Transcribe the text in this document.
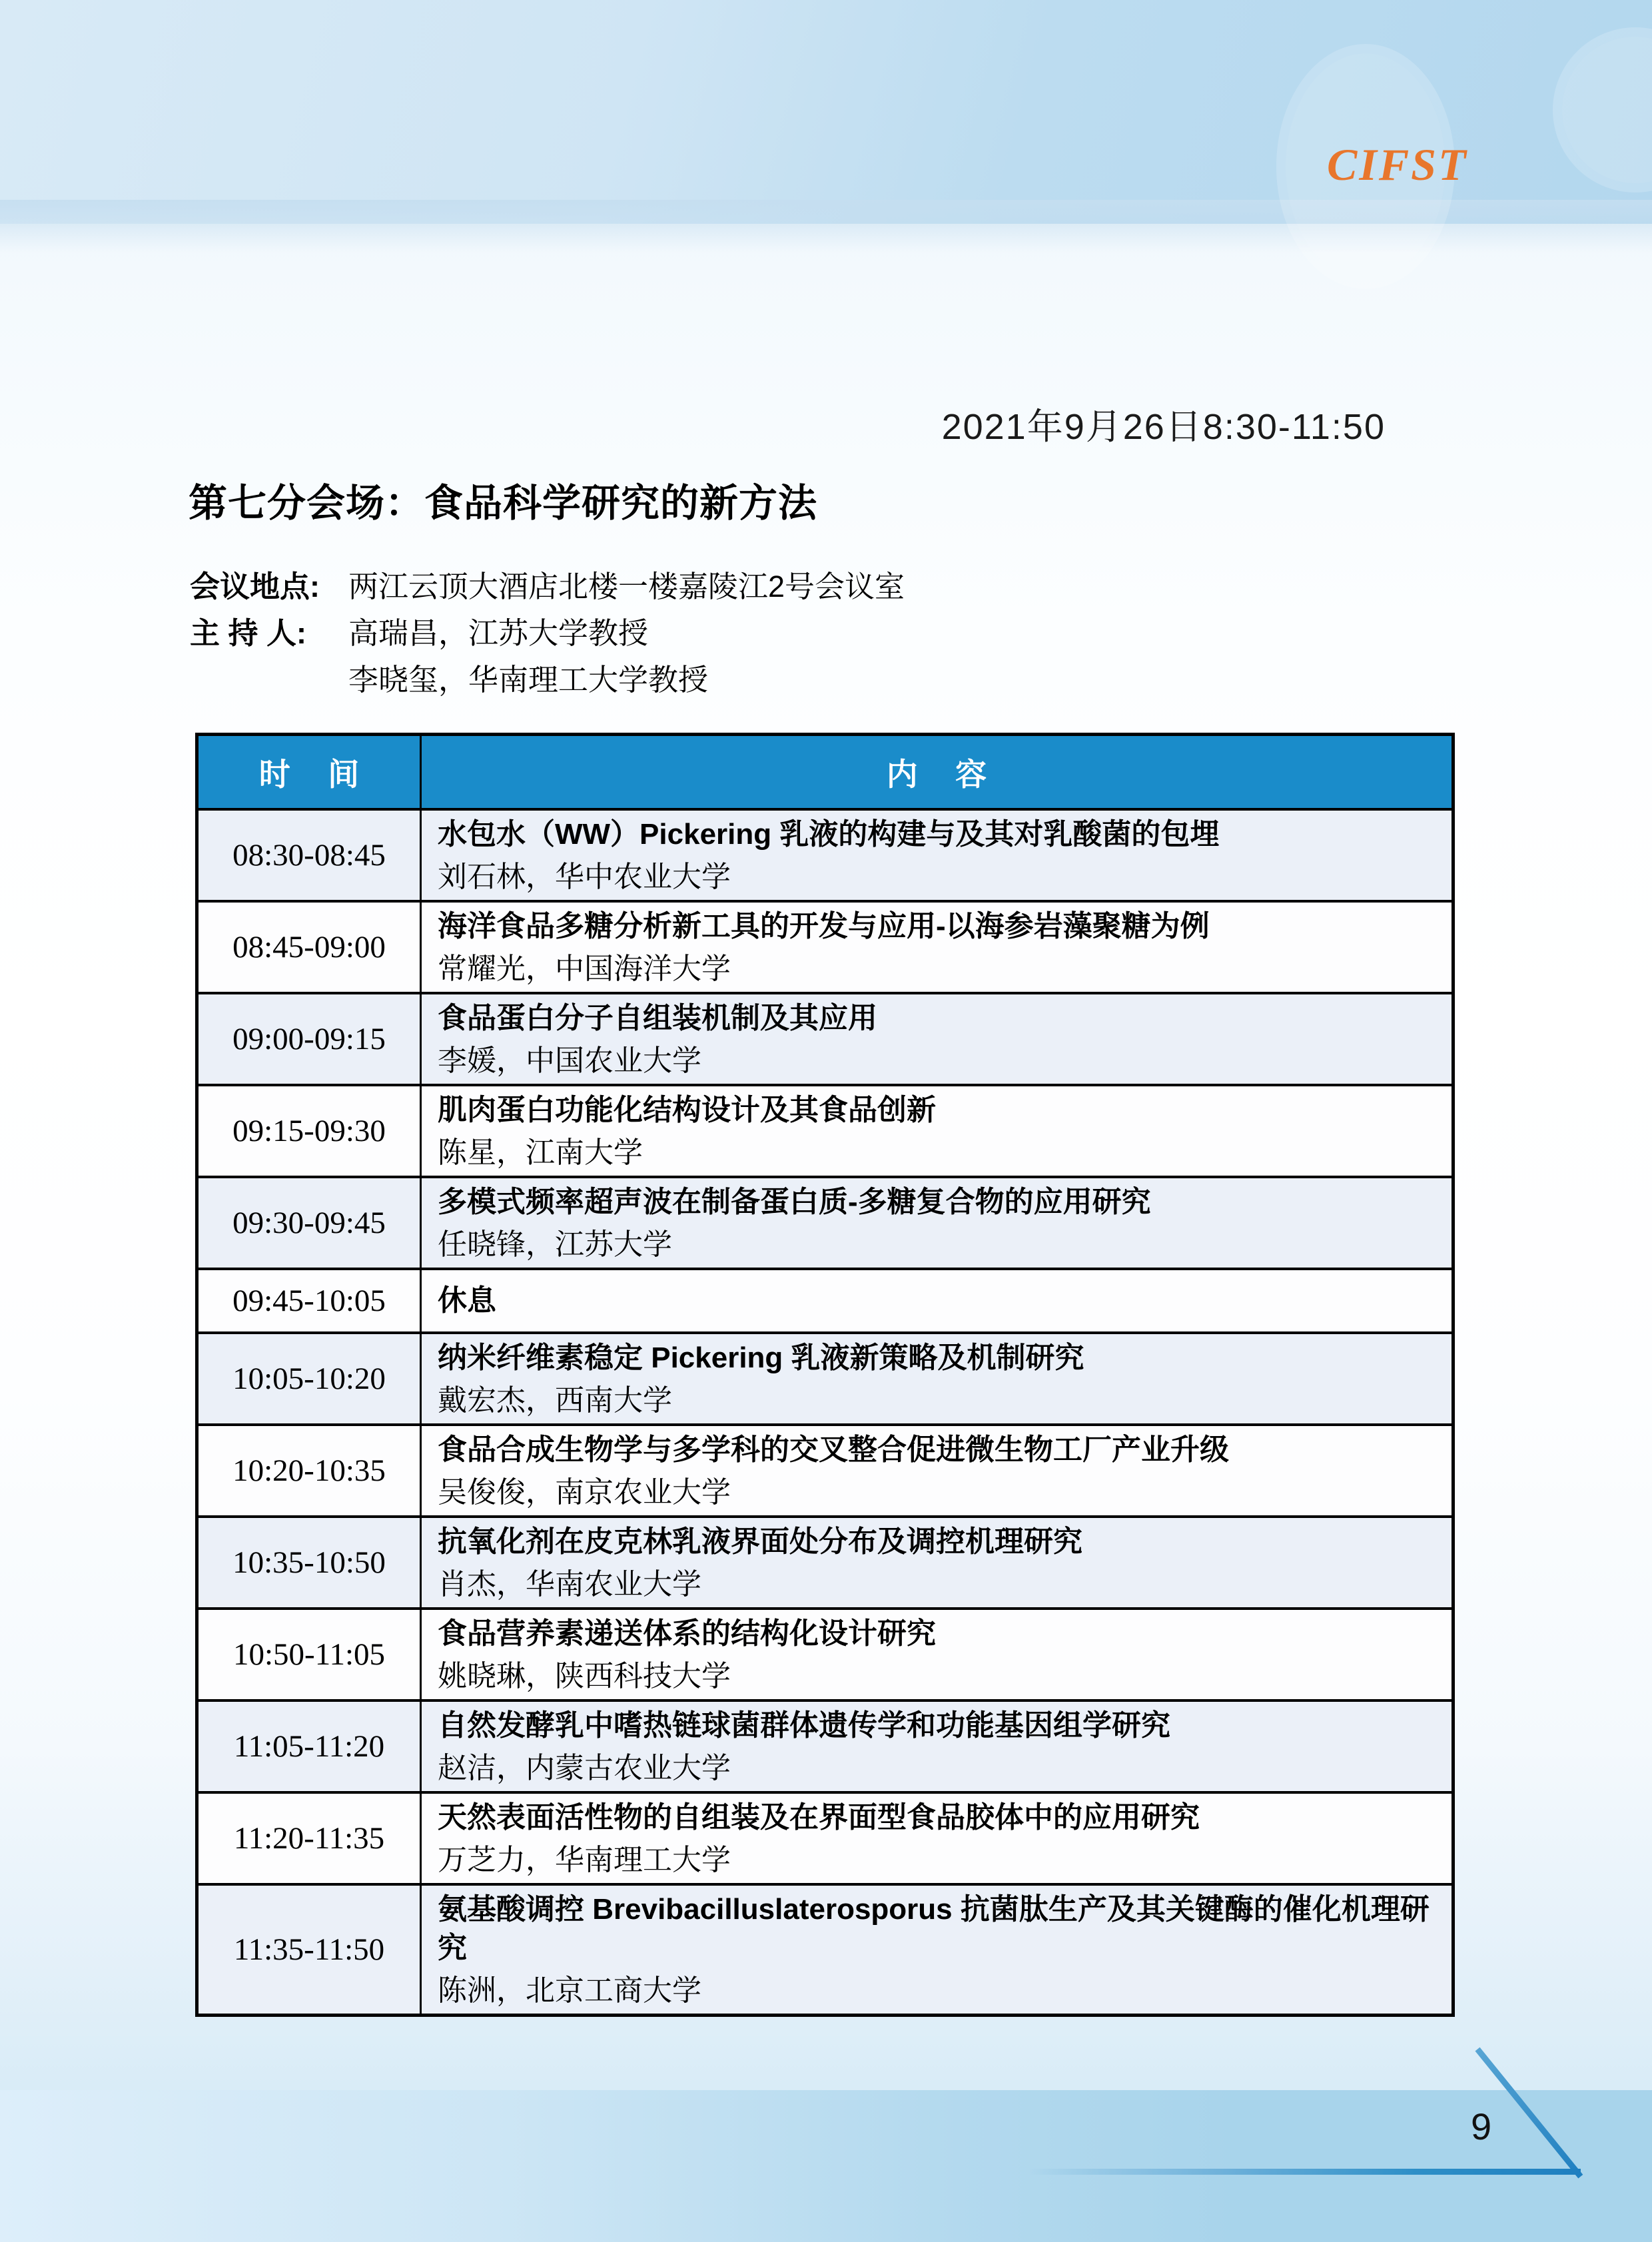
CIFST
2021年9月26日8:30-11:50
第七分会场：食品科学研究的新方法
会议地点: 两江云顶大酒店北楼一楼嘉陵江2号会议室
主 持 人: 高瑞昌，江苏大学教授
李晓玺，华南理工大学教授
时间	内容
08:30-08:45
水包水（WW）Pickering 乳液的构建与及其对乳酸菌的包埋
刘石林，华中农业大学
08:45-09:00
海洋食品多糖分析新工具的开发与应用-以海参岩藻聚糖为例
常耀光，中国海洋大学
09:00-09:15
食品蛋白分子自组装机制及其应用
李媛，中国农业大学
09:15-09:30
肌肉蛋白功能化结构设计及其食品创新
陈星，江南大学
09:30-09:45
多模式频率超声波在制备蛋白质-多糖复合物的应用研究
任晓锋，江苏大学
09:45-10:05	休息
10:05-10:20
纳米纤维素稳定 Pickering 乳液新策略及机制研究
戴宏杰，西南大学
10:20-10:35
食品合成生物学与多学科的交叉整合促进微生物工厂产业升级
吴俊俊，南京农业大学
10:35-10:50
抗氧化剂在皮克林乳液界面处分布及调控机理研究
肖杰，华南农业大学
10:50-11:05
食品营养素递送体系的结构化设计研究
姚晓琳，陕西科技大学
11:05-11:20
自然发酵乳中嗜热链球菌群体遗传学和功能基因组学研究
赵洁，内蒙古农业大学
11:20-11:35
天然表面活性物的自组装及在界面型食品胶体中的应用研究
万芝力，华南理工大学
11:35-11:50
氨基酸调控 Brevibacilluslaterosporus 抗菌肽生产及其关键酶的催化机理研究
陈洲，北京工商大学
9
